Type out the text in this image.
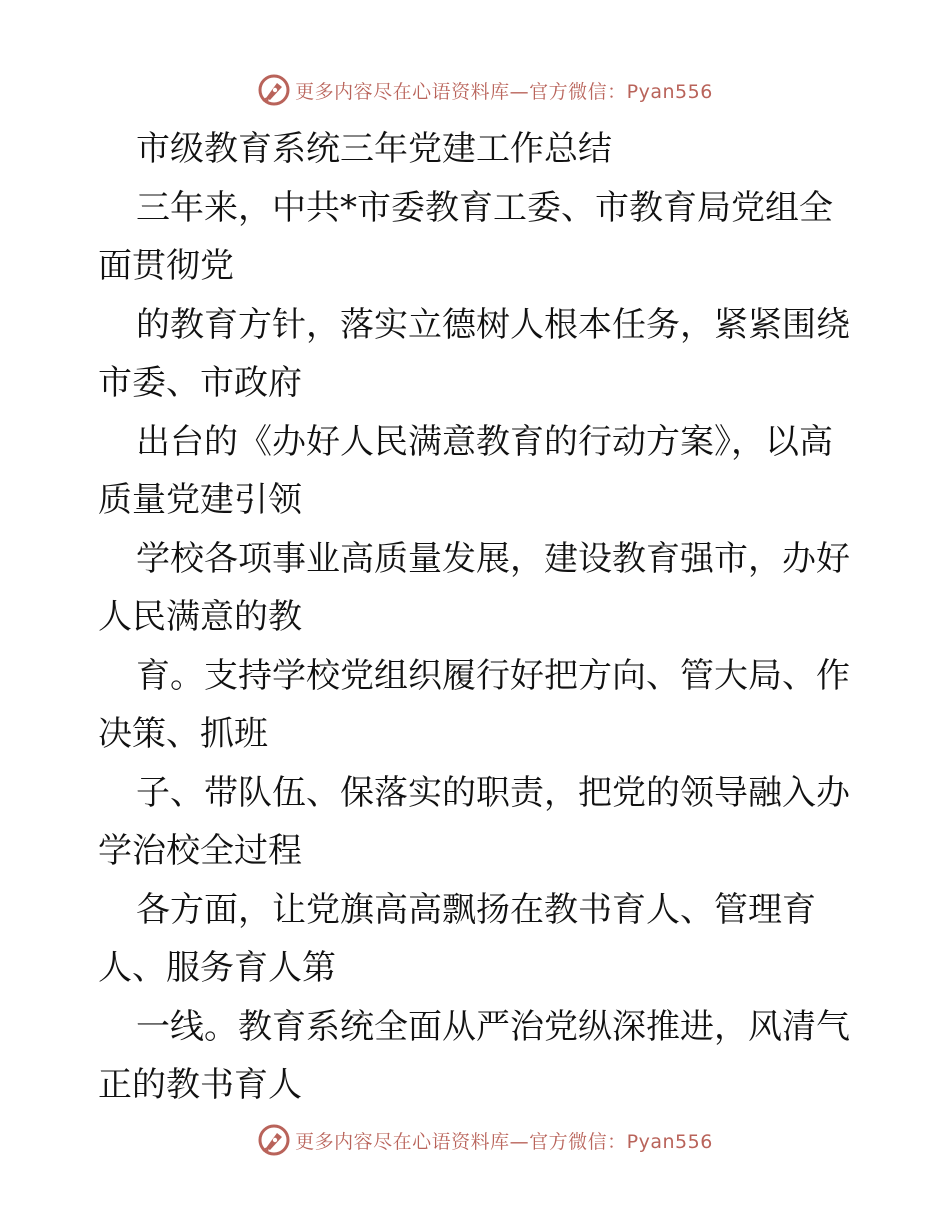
更多内容尽在心语资料库—官方微信：Pyan556
市级教育系统三年党建工作总结
三年来，中共*市委教育工委、市教育局党组全
面贯彻党
的教育方针，落实立德树人根本任务，紧紧围绕
市委、市政府
出台的《办好人民满意教育的行动方案》，以高
质量党建引领
学校各项事业高质量发展，建设教育强市，办好
人民满意的教
育。支持学校党组织履行好把方向、管大局、作
决策、抓班
子、带队伍、保落实的职责，把党的领导融入办
学治校全过程
各方面，让党旗高高飘扬在教书育人、管理育
人、服务育人第
一线。教育系统全面从严治党纵深推进，风清气
正的教书育人
更多内容尽在心语资料库—官方微信：Pyan556
